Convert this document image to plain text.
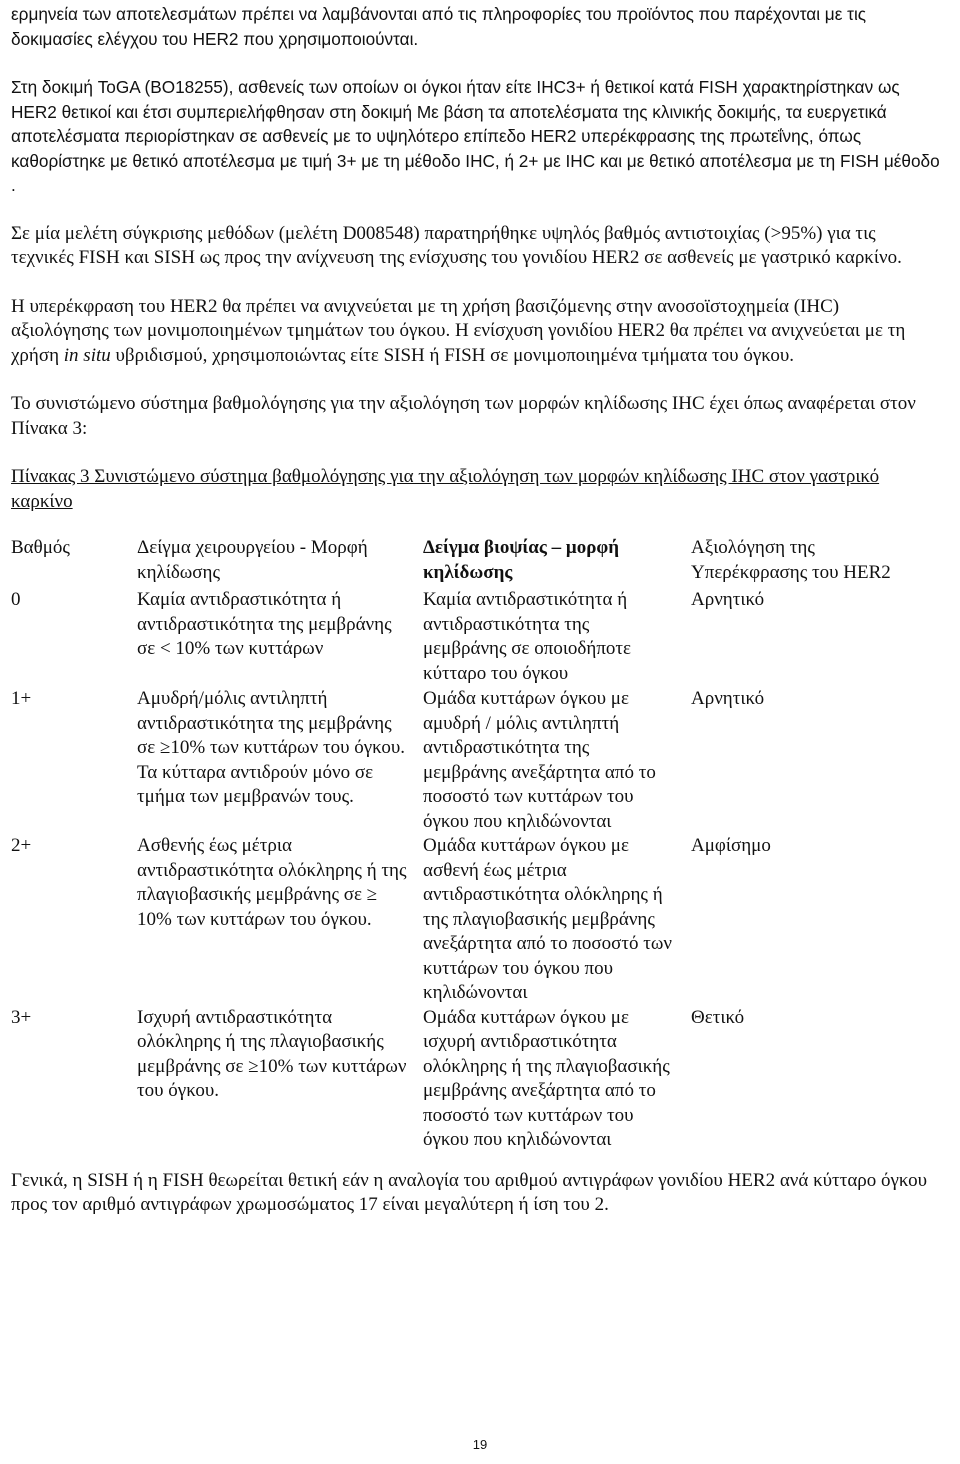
ερμηνεία των αποτελεσμάτων πρέπει να λαμβάνονται από τις πληροφορίες του προϊόντος που παρέχονται με τις δοκιμασίες ελέγχου του HER2 που χρησιμοποιούνται.

Στη δοκιμή ToGA (BO18255), ασθενείς των οποίων οι όγκοι ήταν είτε IHC3+ ή θετικοί κατά FISH χαρακτηρίστηκαν ως HER2 θετικοί και έτσι συμπεριελήφθησαν στη δοκιμή Με βάση τα αποτελέσματα της κλινικής δοκιμής, τα ευεργετικά αποτελέσματα περιορίστηκαν σε ασθενείς με το υψηλότερο επίπεδο HER2 υπερέκφρασης της πρωτεΐνης, όπως καθορίστηκε με θετικό αποτέλεσμα με τιμή 3+ με τη μέθοδο IHC, ή 2+ με IHC και με θετικό αποτέλεσμα με τη FISH μέθοδο .

Σε μία μελέτη σύγκρισης μεθόδων (μελέτη D008548) παρατηρήθηκε υψηλός βαθμός αντιστοιχίας (>95%) για τις τεχνικές FISH και SISH ως προς την ανίχνευση της ενίσχυσης του γονιδίου HER2 σε ασθενείς με γαστρικό καρκίνο.

Η υπερέκφραση του HER2 θα πρέπει να ανιχνεύεται με τη χρήση βασιζόμενης στην ανοσοϊστοχημεία (IHC) αξιολόγησης των μονιμοποιημένων τμημάτων του όγκου. Η ενίσχυση γονιδίου HER2 θα πρέπει να ανιχνεύεται με τη χρήση in situ υβριδισμού, χρησιμοποιώντας είτε SISH ή FISH σε μονιμοποιημένα τμήματα του όγκου.

Το συνιστώμενο σύστημα βαθμολόγησης για την αξιολόγηση των μορφών κηλίδωσης IHC έχει όπως αναφέρεται στον Πίνακα 3:

Πίνακας 3 Συνιστώμενο σύστημα βαθμολόγησης για την αξιολόγηση των μορφών κηλίδωσης IHC στον γαστρικό καρκίνο

Βαθμός	Δείγμα χειρουργείου - Μορφή κηλίδωσης	Δείγμα βιοψίας – μορφή κηλίδωσης	Αξιολόγηση της Υπερέκφρασης του HER2

0	Καμία αντιδραστικότητα ή αντιδραστικότητα της μεμβράνης σε < 10% των κυττάρων	Καμία αντιδραστικότητα ή αντιδραστικότητα της μεμβράνης σε οποιοδήποτε κύτταρο του όγκου	Αρνητικό

1+	Αμυδρή/μόλις αντιληπτή αντιδραστικότητα της μεμβράνης σε ≥10% των κυττάρων του όγκου. Τα κύτταρα αντιδρούν μόνο σε τμήμα των μεμβρανών τους.	Ομάδα κυττάρων όγκου με αμυδρή / μόλις αντιληπτή αντιδραστικότητα της μεμβράνης ανεξάρτητα από το ποσοστό των κυττάρων του όγκου που κηλιδώνονται	Αρνητικό

2+	Ασθενής έως μέτρια αντιδραστικότητα ολόκληρης ή της πλαγιοβασικής μεμβράνης σε ≥ 10% των κυττάρων του όγκου.	Ομάδα κυττάρων όγκου με ασθενή έως μέτρια αντιδραστικότητα ολόκληρης ή της πλαγιοβασικής μεμβράνης ανεξάρτητα από το ποσοστό των κυττάρων του όγκου που κηλιδώνονται	Αμφίσημο

3+	Ισχυρή αντιδραστικότητα ολόκληρης ή της πλαγιοβασικής μεμβράνης σε ≥10% των κυττάρων του όγκου.	Ομάδα κυττάρων όγκου με ισχυρή αντιδραστικότητα ολόκληρης ή της πλαγιοβασικής μεμβράνης ανεξάρτητα από το ποσοστό των κυττάρων του όγκου που κηλιδώνονται	Θετικό

Γενικά, η SISH ή η FISH θεωρείται θετική εάν η αναλογία του αριθμού αντιγράφων γονιδίου HER2 ανά κύτταρο όγκου προς τον αριθμό αντιγράφων χρωμοσώματος 17 είναι μεγαλύτερη ή ίση του 2.

19
